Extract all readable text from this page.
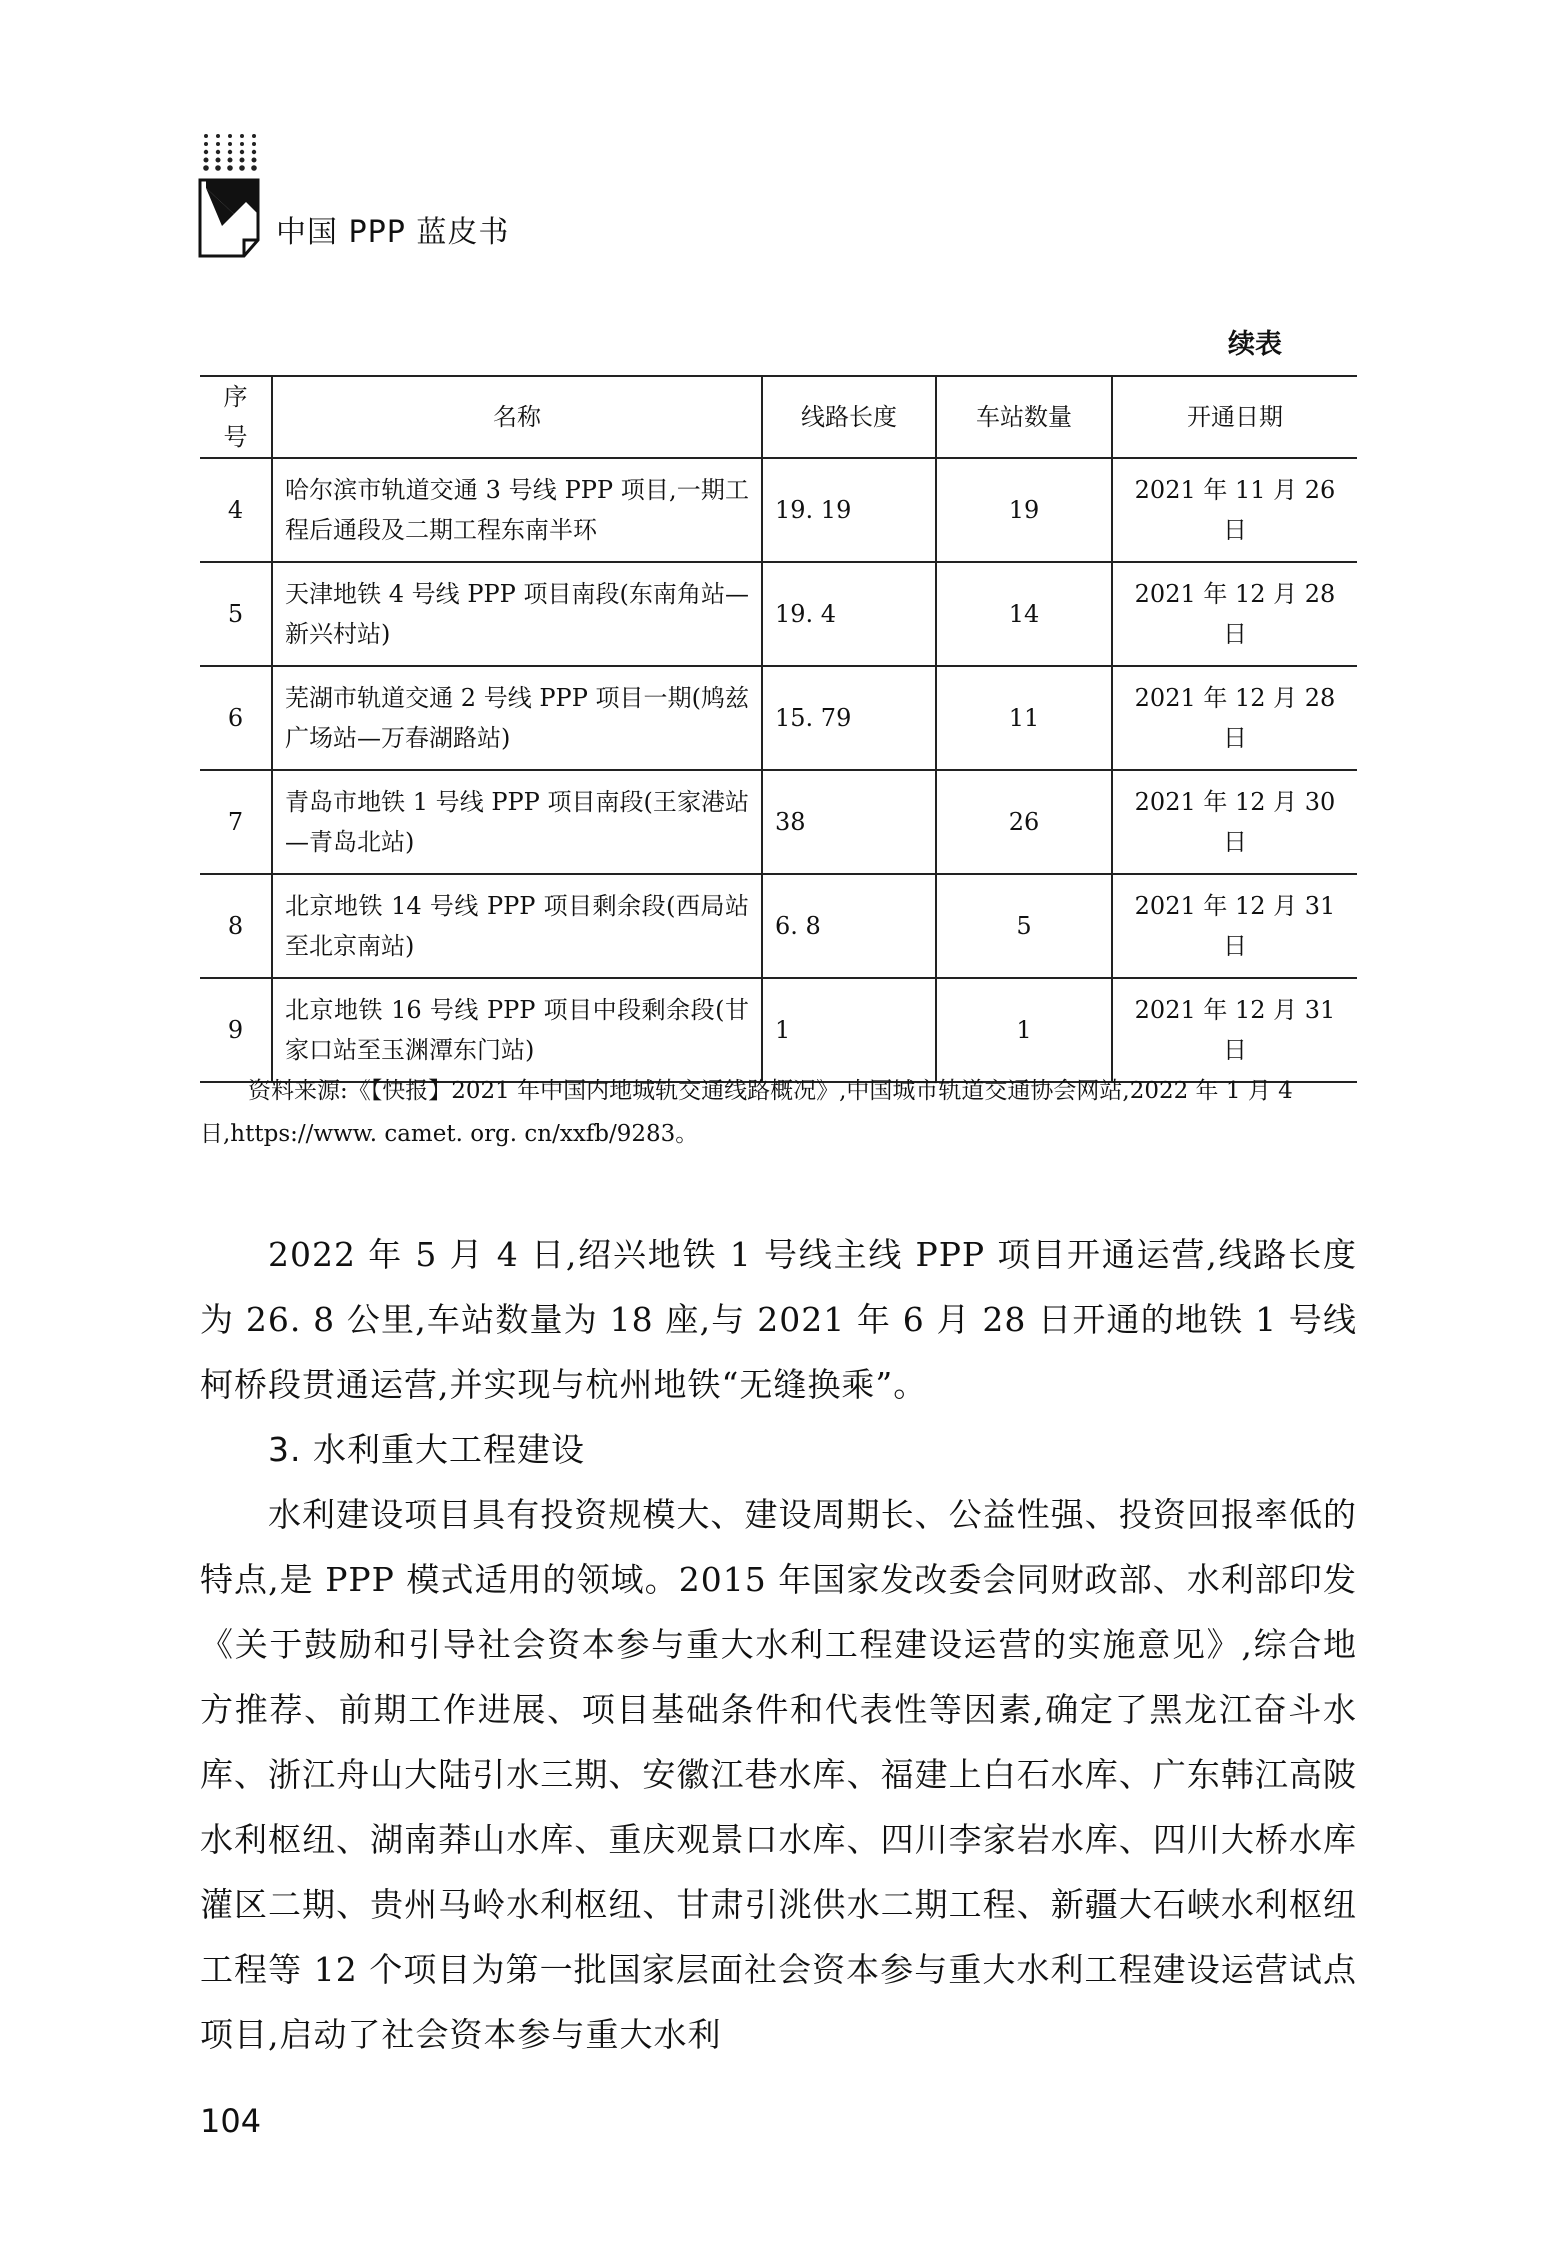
中国 PPP 蓝皮书
续表
序号	名称	线路长度	车站数量	开通日期
4	哈尔滨市轨道交通 3 号线 PPP 项目,一期工程后通段及二期工程东南半环	19. 19	19	2021 年 11 月 26 日
5	天津地铁 4 号线 PPP 项目南段(东南角站—新兴村站)	19. 4	14	2021 年 12 月 28 日
6	芜湖市轨道交通 2 号线 PPP 项目一期(鸠兹广场站—万春湖路站)	15. 79	11	2021 年 12 月 28 日
7	青岛市地铁 1 号线 PPP 项目南段(王家港站—青岛北站)	38	26	2021 年 12 月 30 日
8	北京地铁 14 号线 PPP 项目剩余段(西局站至北京南站)	6. 8	5	2021 年 12 月 31 日
9	北京地铁 16 号线 PPP 项目中段剩余段(甘家口站至玉渊潭东门站)	1	1	2021 年 12 月 31 日
资料来源:《【快报】2021 年中国内地城轨交通线路概况》,中国城市轨道交通协会网站,2022 年 1 月 4 日,https://www. camet. org. cn/xxfb/9283。

2022 年 5 月 4 日,绍兴地铁 1 号线主线 PPP 项目开通运营,线路长度为 26. 8 公里,车站数量为 18 座,与 2021 年 6 月 28 日开通的地铁 1 号线柯桥段贯通运营,并实现与杭州地铁“无缝换乘”。

3. 水利重大工程建设

水利建设项目具有投资规模大、建设周期长、公益性强、投资回报率低的特点,是 PPP 模式适用的领域。2015 年国家发改委会同财政部、水利部印发《关于鼓励和引导社会资本参与重大水利工程建设运营的实施意见》,综合地方推荐、前期工作进展、项目基础条件和代表性等因素,确定了黑龙江奋斗水库、浙江舟山大陆引水三期、安徽江巷水库、福建上白石水库、广东韩江高陂水利枢纽、湖南莽山水库、重庆观景口水库、四川李家岩水库、四川大桥水库灌区二期、贵州马岭水利枢纽、甘肃引洮供水二期工程、新疆大石峡水利枢纽工程等 12 个项目为第一批国家层面社会资本参与重大水利工程建设运营试点项目,启动了社会资本参与重大水利

104
